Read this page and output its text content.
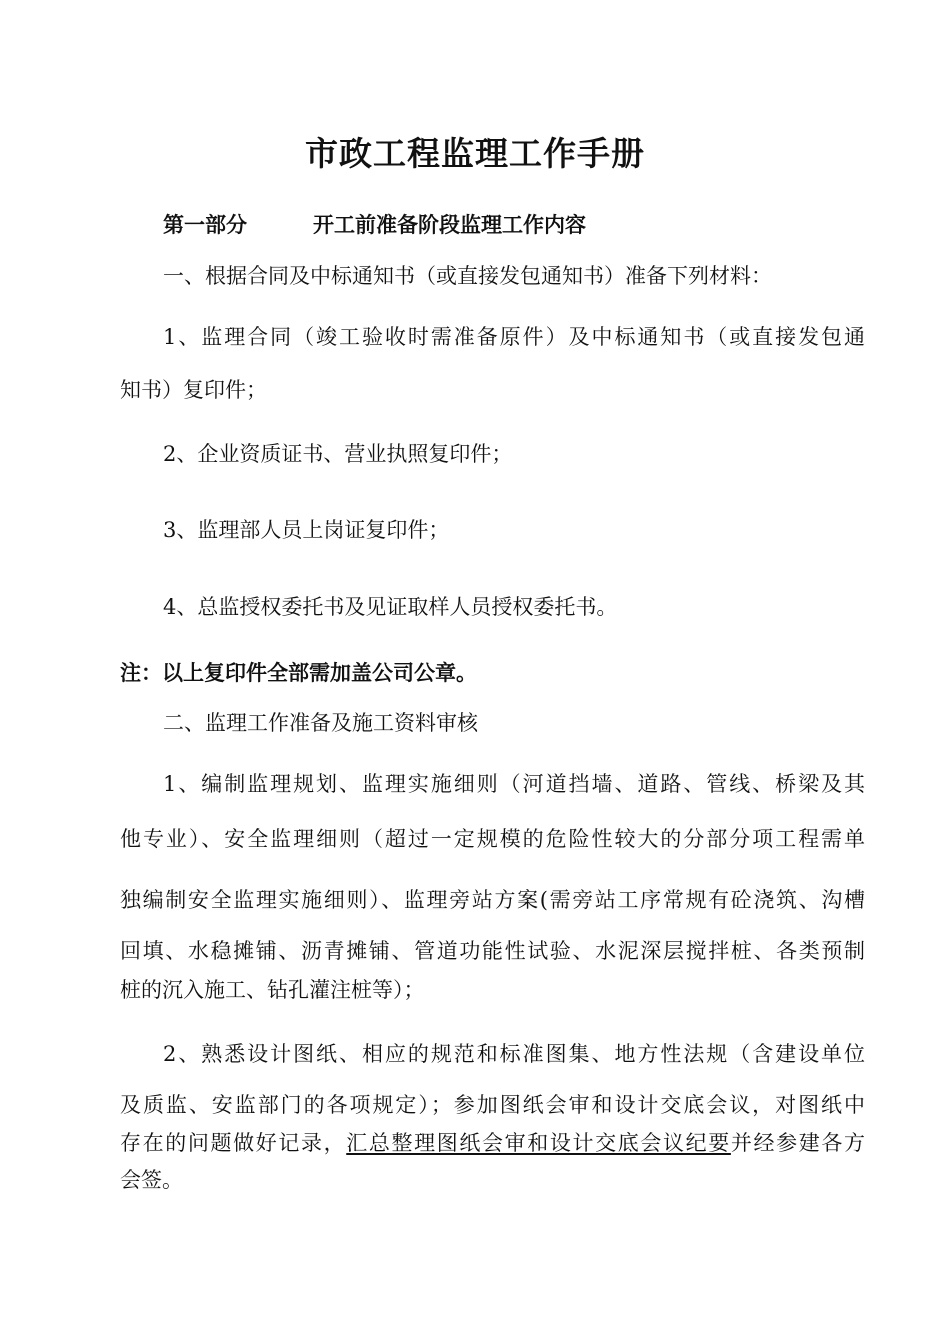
市政工程监理工作手册
第一部分	开工前准备阶段监理工作内容
一、根据合同及中标通知书（或直接发包通知书）准备下列材料：
1、监理合同（竣工验收时需准备原件）及中标通知书（或直接发包通
知书）复印件；
2、企业资质证书、营业执照复印件；
3、监理部人员上岗证复印件；
4、总监授权委托书及见证取样人员授权委托书。
注：以上复印件全部需加盖公司公章。
二、监理工作准备及施工资料审核
1、编制监理规划、监理实施细则（河道挡墙、道路、管线、桥梁及其
他专业）、安全监理细则（超过一定规模的危险性较大的分部分项工程需单
独编制安全监理实施细则）、监理旁站方案(需旁站工序常规有砼浇筑、沟槽
回填、水稳摊铺、沥青摊铺、管道功能性试验、水泥深层搅拌桩、各类预制
桩的沉入施工、钻孔灌注桩等）；
2、熟悉设计图纸、相应的规范和标准图集、地方性法规（含建设单位
及质监、安监部门的各项规定）；参加图纸会审和设计交底会议，对图纸中
存在的问题做好记录，汇总整理图纸会审和设计交底会议纪要并经参建各方
会签。
